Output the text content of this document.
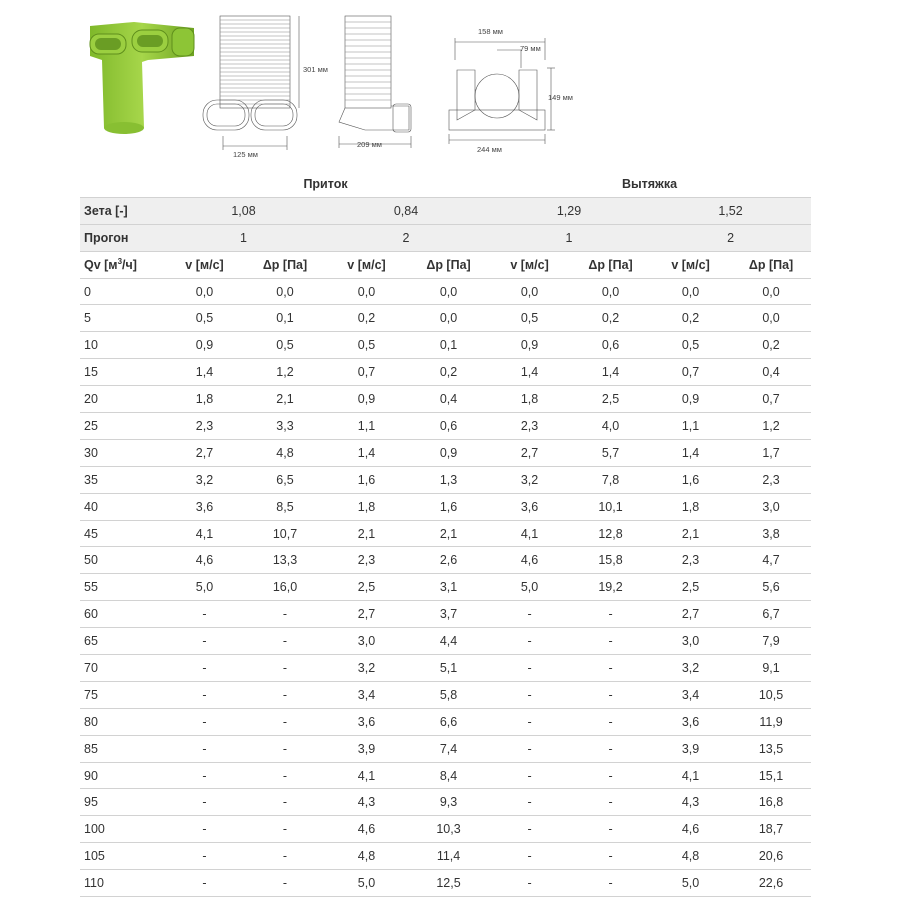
301 мм
125 мм
209 мм
158 мм
79 мм
149 мм
244 мм
	Приток				Вытяжка			
Зета [-]	1,08		0,84		1,29		1,52	
Прогон	1		2		1		2	
Qv $[м^3/ч]$	v [м/с]	Δp [Па]	v [м/с]	Δp [Па]	v [м/с]	Δp [Па]	v [м/с]	Δp [Па]
0	0,0	0,0	0,0	0,0	0,0	0,0	0,0	0,0
5	0,5	0,1	0,2	0,0	0,5	0,2	0,2	0,0
10	0,9	0,5	0,5	0,1	0,9	0,6	0,5	0,2
15	1,4	1,2	0,7	0,2	1,4	1,4	0,7	0,4
20	1,8	2,1	0,9	0,4	1,8	2,5	0,9	0,7
25	2,3	3,3	1,1	0,6	2,3	4,0	1,1	1,2
30	2,7	4,8	1,4	0,9	2,7	5,7	1,4	1,7
35	3,2	6,5	1,6	1,3	3,2	7,8	1,6	2,3
40	3,6	8,5	1,8	1,6	3,6	10,1	1,8	3,0
45	4,1	10,7	2,1	2,1	4,1	12,8	2,1	3,8
50	4,6	13,3	2,3	2,6	4,6	15,8	2,3	4,7
55	5,0	16,0	2,5	3,1	5,0	19,2	2,5	5,6
60	-	-	2,7	3,7	-	-	2,7	6,7
65	-	-	3,0	4,4	-	-	3,0	7,9
70	-	-	3,2	5,1	-	-	3,2	9,1
75	-	-	3,4	5,8	-	-	3,4	10,5
80	-	-	3,6	6,6	-	-	3,6	11,9
85	-	-	3,9	7,4	-	-	3,9	13,5
90	-	-	4,1	8,4	-	-	4,1	15,1
95	-	-	4,3	9,3	-	-	4,3	16,8
100	-	-	4,6	10,3	-	-	4,6	18,7
105	-	-	4,8	11,4	-	-	4,8	20,6
110	-	-	5,0	12,5	-	-	5,0	22,6
